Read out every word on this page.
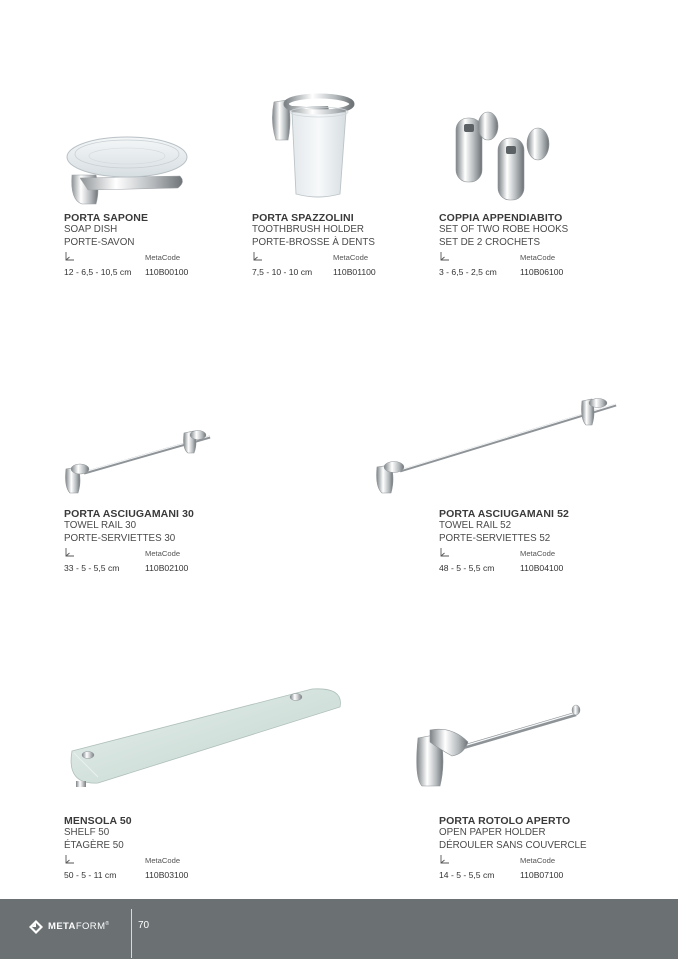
PORTA SAPONE
SOAP DISH
PORTE-SAVON
MetaCode
12 - 6,5 - 10,5 cm 110B00100
PORTA SPAZZOLINI
TOOTHBRUSH HOLDER
PORTE-BROSSE À DENTS
MetaCode
7,5 - 10 - 10 cm 110B01100
COPPIA APPENDIABITO
SET OF TWO ROBE HOOKS
SET DE 2 CROCHETS
MetaCode
3 - 6,5 - 2,5 cm	110B06100
PORTA ASCIUGAMANI 30
TOWEL RAIL 30
PORTE-SERVIETTES 30
MetaCode
33 - 5 - 5,5 cm	110B02100
PORTA ASCIUGAMANI 52
TOWEL RAIL 52
PORTE-SERVIETTES 52
MetaCode
48 - 5 - 5,5 cm	110B04100
MENSOLA 50
SHELF 50
ÉTAGÈRE 50
MetaCode
50 - 5 - 11 cm	110B03100
PORTA ROTOLO APERTO
OPEN PAPER HOLDER
DÉROULER SANS COUVERCLE
MetaCode
14 - 5 - 5,5 cm	110B07100
METAFORM®	70
